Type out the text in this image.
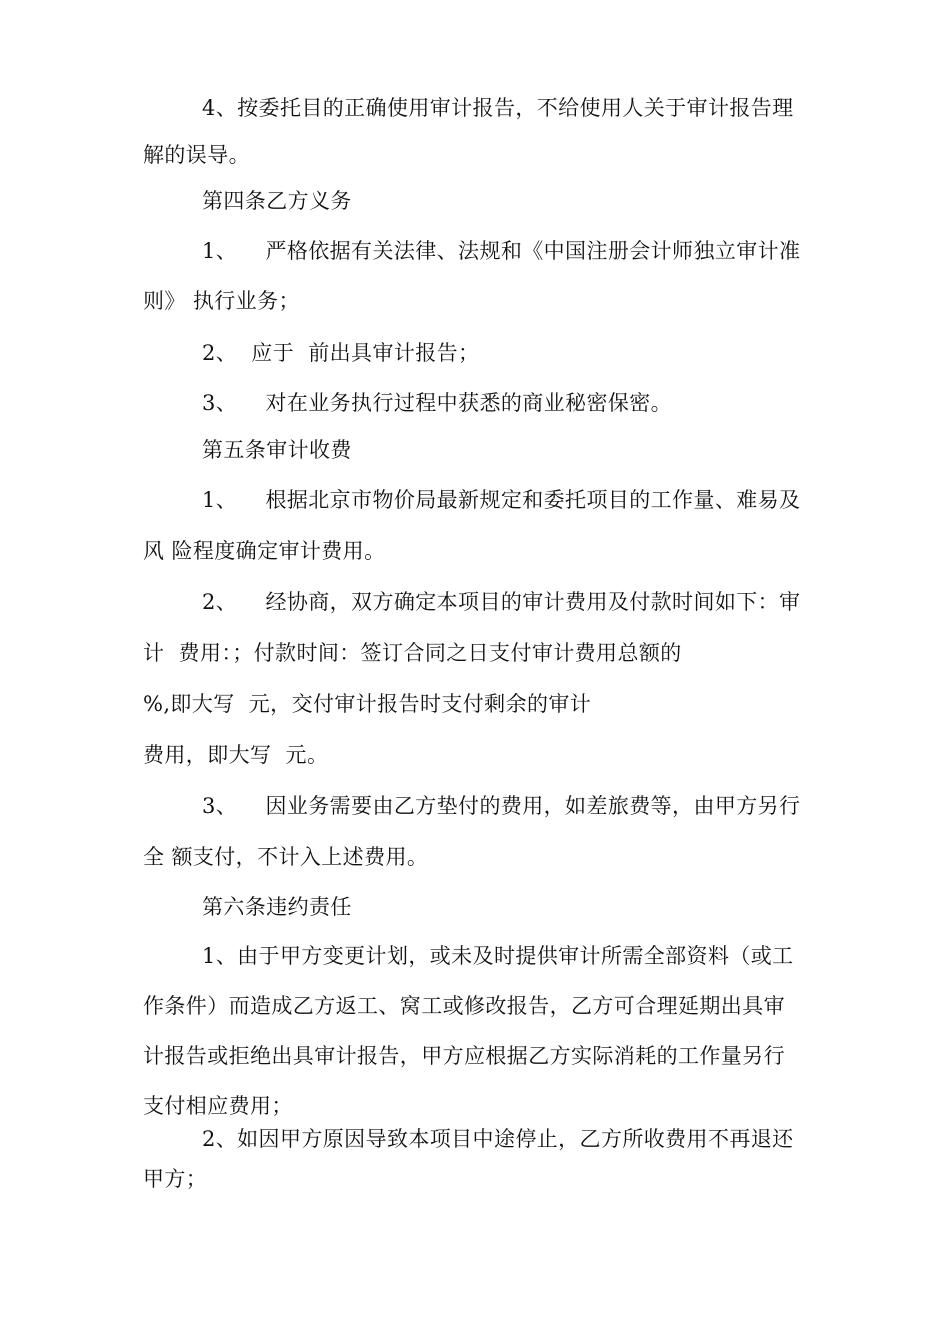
4、按委托目的正确使用审计报告，不给使用人关于审计报告理
解的误导。
第四条乙方义务
1、    严格依据有关法律、法规和《中国注册会计师独立审计准
则》 执行业务；
2、  应于  前出具审计报告；
3、    对在业务执行过程中获悉的商业秘密保密。
第五条审计收费
1、    根据北京市物价局最新规定和委托项目的工作量、难易及
风 险程度确定审计费用。
2、    经协商，双方确定本项目的审计费用及付款时间如下：审
计  费用：；付款时间：签订合同之日支付审计费用总额的
%,即大写  元，交付审计报告时支付剩余的审计
费用，即大写  元。
3、    因业务需要由乙方垫付的费用，如差旅费等，由甲方另行
全 额支付，不计入上述费用。
第六条违约责任
1、由于甲方变更计划，或未及时提供审计所需全部资料（或工
作条件）而造成乙方返工、窝工或修改报告，乙方可合理延期出具审
计报告或拒绝出具审计报告，甲方应根据乙方实际消耗的工作量另行
支付相应费用；
2、如因甲方原因导致本项目中途停止，乙方所收费用不再退还
甲方；
